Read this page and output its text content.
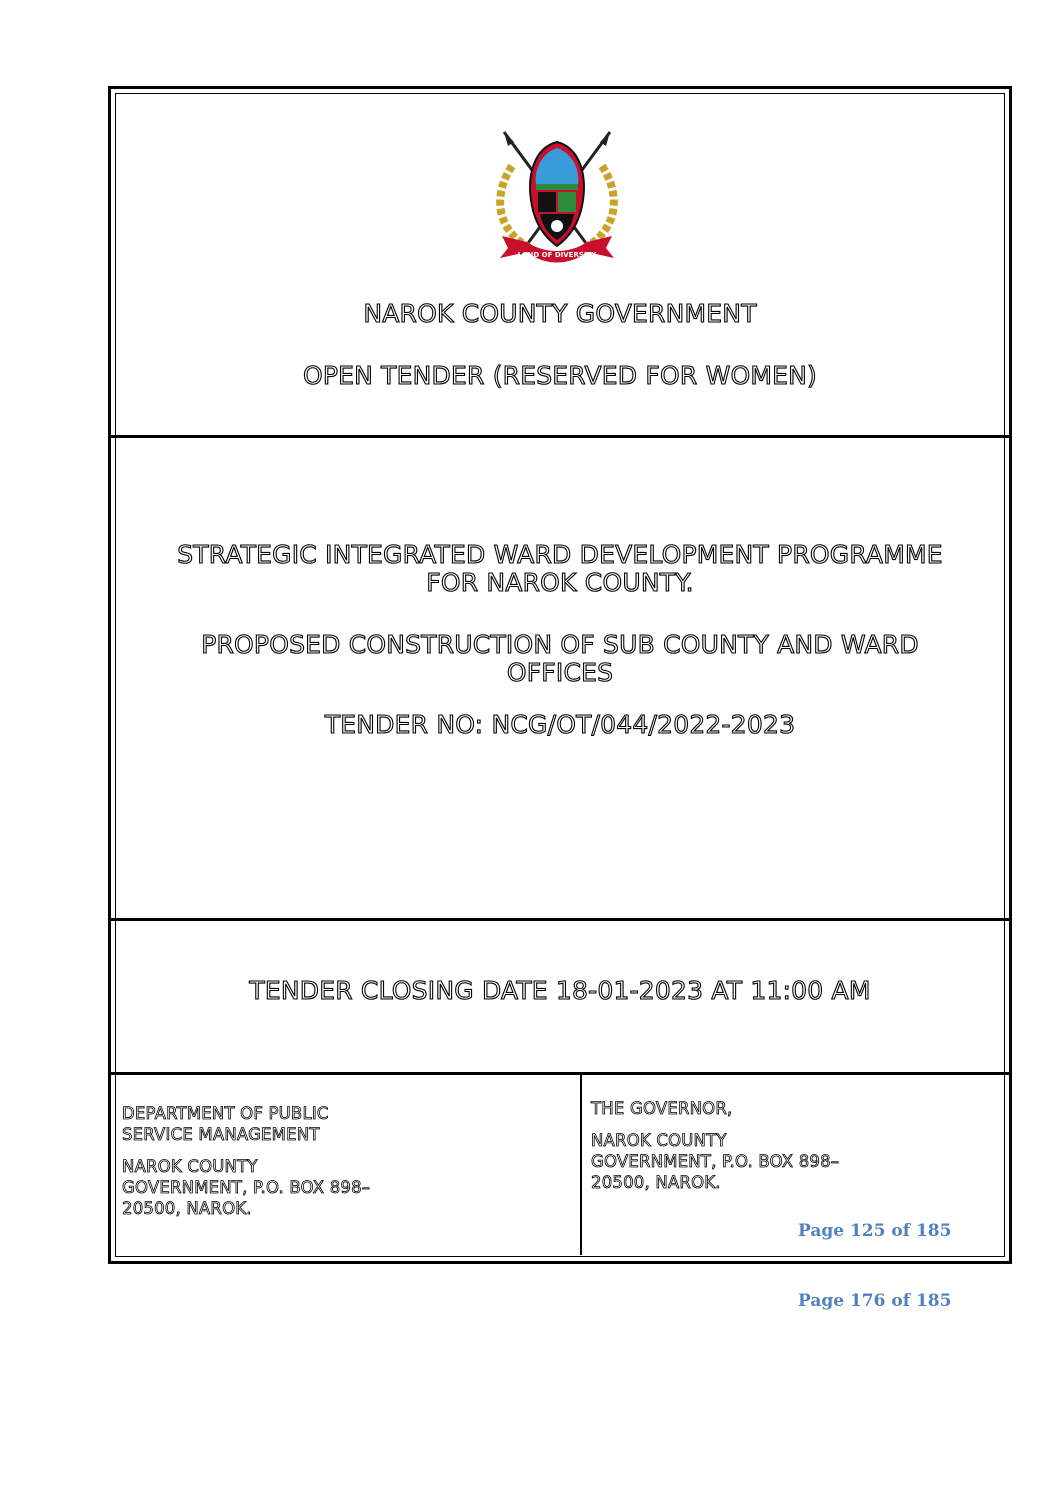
LAND OF DIVERSITY

NAROK COUNTY GOVERNMENT

OPEN TENDER (RESERVED FOR WOMEN)

STRATEGIC INTEGRATED WARD DEVELOPMENT PROGRAMME

FOR NAROK COUNTY.

PROPOSED CONSTRUCTION OF SUB COUNTY AND WARD

OFFICES

TENDER NO: NCG/OT/044/2022-2023

TENDER CLOSING DATE 18-01-2023 AT 11:00 AM

DEPARTMENT OF PUBLIC

SERVICE MANAGEMENT

NAROK COUNTY

GOVERNMENT, P.O. BOX 898–

20500, NAROK.

THE GOVERNOR,

NAROK COUNTY

GOVERNMENT, P.O. BOX 898–

20500, NAROK.

Page 125 of 185

Page 176 of 185
